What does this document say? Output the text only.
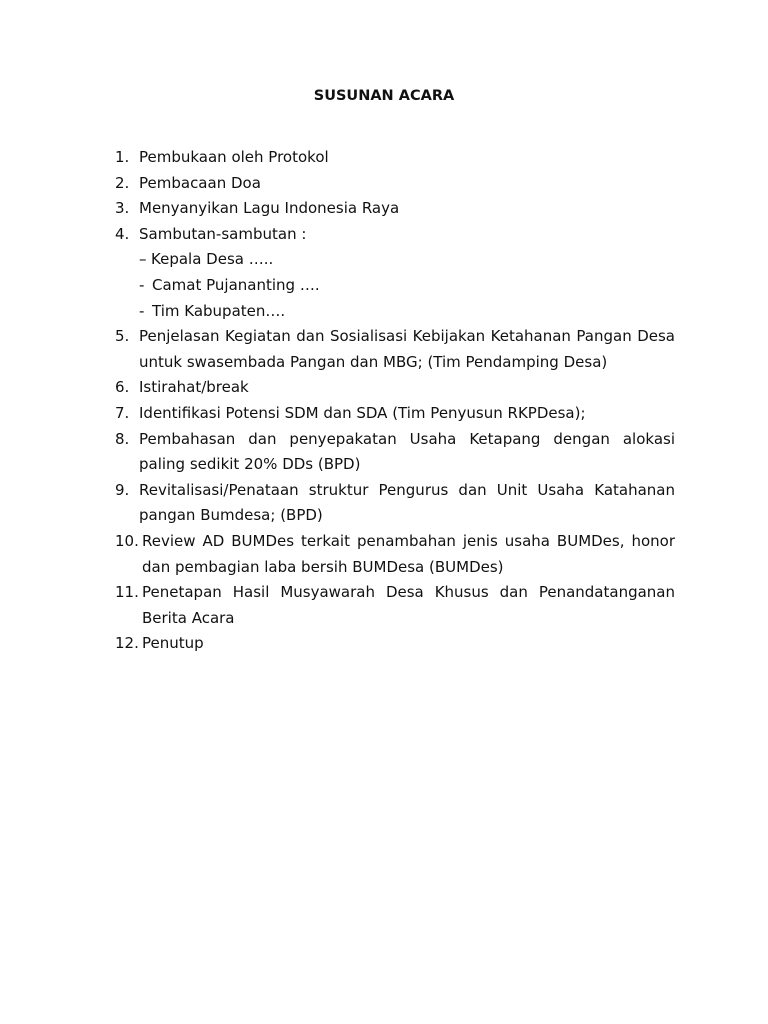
SUSUNAN ACARA
1. Pembukaan oleh Protokol
2. Pembacaan Doa
3. Menyanyikan Lagu Indonesia Raya
4. Sambutan-sambutan :
– Kepala Desa …..
- Camat Pujananting ….
- Tim Kabupaten….
5. Penjelasan Kegiatan dan Sosialisasi Kebijakan Ketahanan Pangan Desa untuk swasembada Pangan dan MBG; (Tim Pendamping Desa)
6. Istirahat/break
7. Identifikasi Potensi SDM dan SDA (Tim Penyusun RKPDesa);
8. Pembahasan dan penyepakatan Usaha Ketapang dengan alokasi paling sedikit 20% DDs (BPD)
9. Revitalisasi/Penataan struktur Pengurus dan Unit Usaha Katahanan pangan Bumdesa; (BPD)
10. Review AD BUMDes terkait penambahan jenis usaha BUMDes, honor dan pembagian laba bersih BUMDesa (BUMDes)
11. Penetapan Hasil Musyawarah Desa Khusus dan Penandatanganan Berita Acara
12. Penutup
